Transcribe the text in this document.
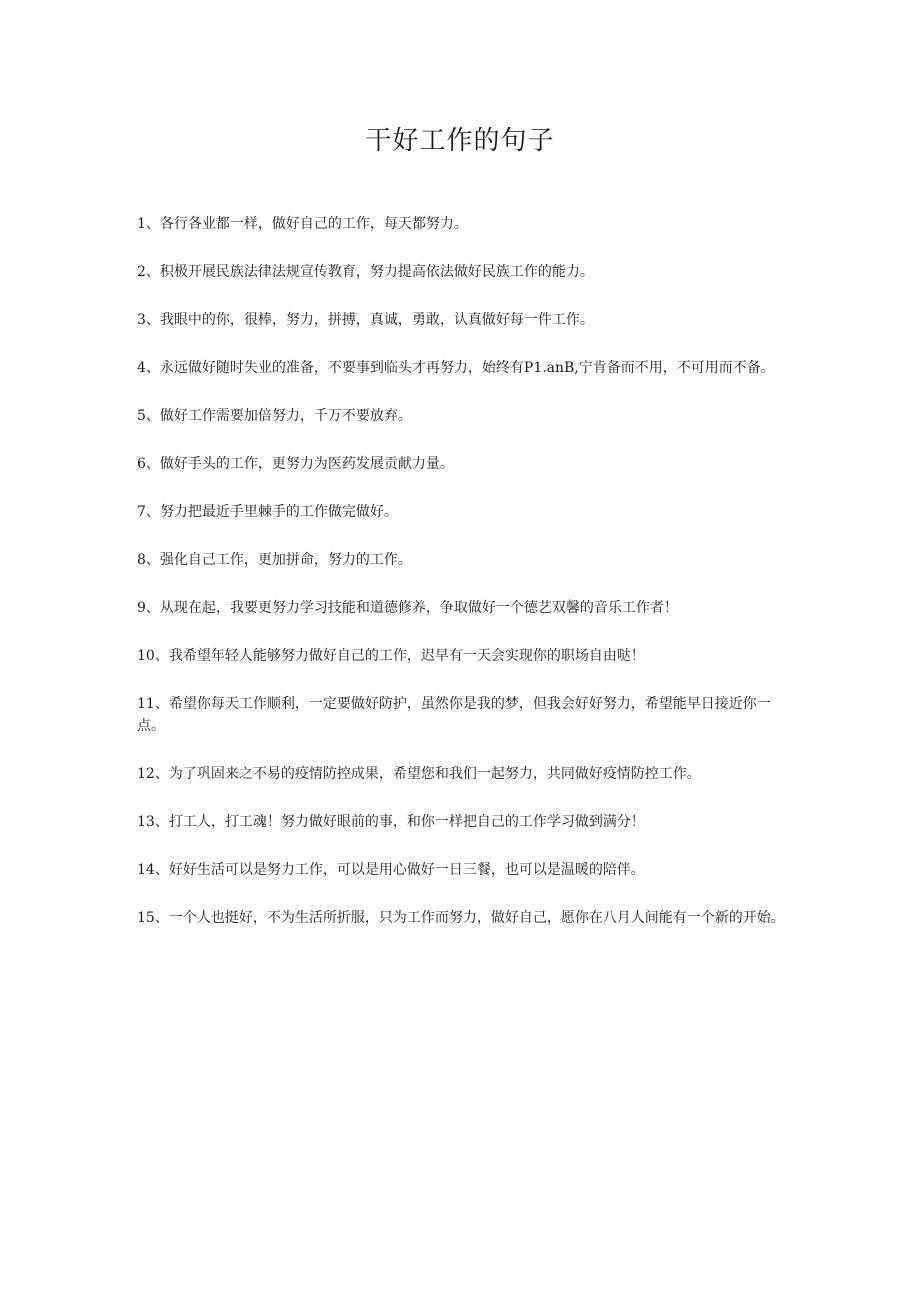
干好工作的句子
1、各行各业都一样，做好自己的工作，每天都努力。
2、积极开展民族法律法规宣传教育，努力提高依法做好民族工作的能力。
3、我眼中的你，很棒，努力，拼搏，真诚，勇敢，认真做好每一件工作。
4、永远做好随时失业的准备，不要事到临头才再努力，始终有P1.anB,宁肯备而不用，不可用而不备。
5、做好工作需要加倍努力，千万不要放弃。
6、做好手头的工作，更努力为医药发展贡献力量。
7、努力把最近手里棘手的工作做完做好。
8、强化自己工作，更加拼命，努力的工作。
9、从现在起，我要更努力学习技能和道德修养，争取做好一个德艺双馨的音乐工作者！
10、我希望年轻人能够努力做好自己的工作，迟早有一天会实现你的职场自由哒！
11、希望你每天工作顺利，一定要做好防护，虽然你是我的梦，但我会好好努力，希望能早日接近你一点。
12、为了巩固来之不易的疫情防控成果，希望您和我们一起努力，共同做好疫情防控工作。
13、打工人，打工魂！努力做好眼前的事，和你一样把自己的工作学习做到满分！
14、好好生活可以是努力工作，可以是用心做好一日三餐，也可以是温暖的陪伴。
15、一个人也挺好，不为生活所折服，只为工作而努力，做好自己，愿你在八月人间能有一个新的开始。
